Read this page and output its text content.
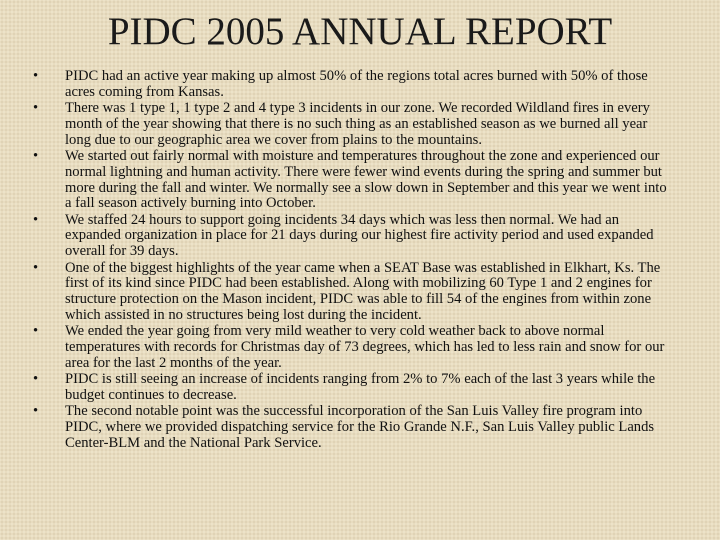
PIDC 2005 ANNUAL REPORT
• PIDC had an active year making up almost 50% of the regions total acres burned with 50% of those acres coming from Kansas.
• There was 1 type 1, 1 type 2 and 4 type 3 incidents in our zone. We recorded Wildland fires in every month of the year showing that there is no such thing as an established season as we burned all year long due to our geographic area we cover from plains to the mountains.
• We started out fairly normal with moisture and temperatures throughout the zone and experienced our normal lightning and human activity. There were fewer wind events during the spring and summer but more during the fall and winter. We normally see a slow down in September and this year we went into a fall season actively burning into October.
• We staffed 24 hours to support going incidents 34 days which was less then normal. We had an expanded organization in place for 21 days during our highest fire activity period and used expanded overall for 39 days.
• One of the biggest highlights of the year came when a SEAT Base was established in Elkhart, Ks. The first of its kind since PIDC had been established. Along with mobilizing 60 Type 1 and 2 engines for structure protection on the Mason incident, PIDC was able to fill 54 of the engines from within zone which assisted in no structures being lost during the incident.
• We ended the year going from very mild weather to very cold weather back to above normal temperatures with records for Christmas day of 73 degrees, which has led to less rain and snow for our area for the last 2 months of the year.
• PIDC is still seeing an increase of incidents ranging from 2% to 7% each of the last 3 years while the budget continues to decrease.
• The second notable point was the successful incorporation of the San Luis Valley fire program into PIDC, where we provided dispatching service for the Rio Grande N.F., San Luis Valley public Lands Center-BLM and the National Park Service.
